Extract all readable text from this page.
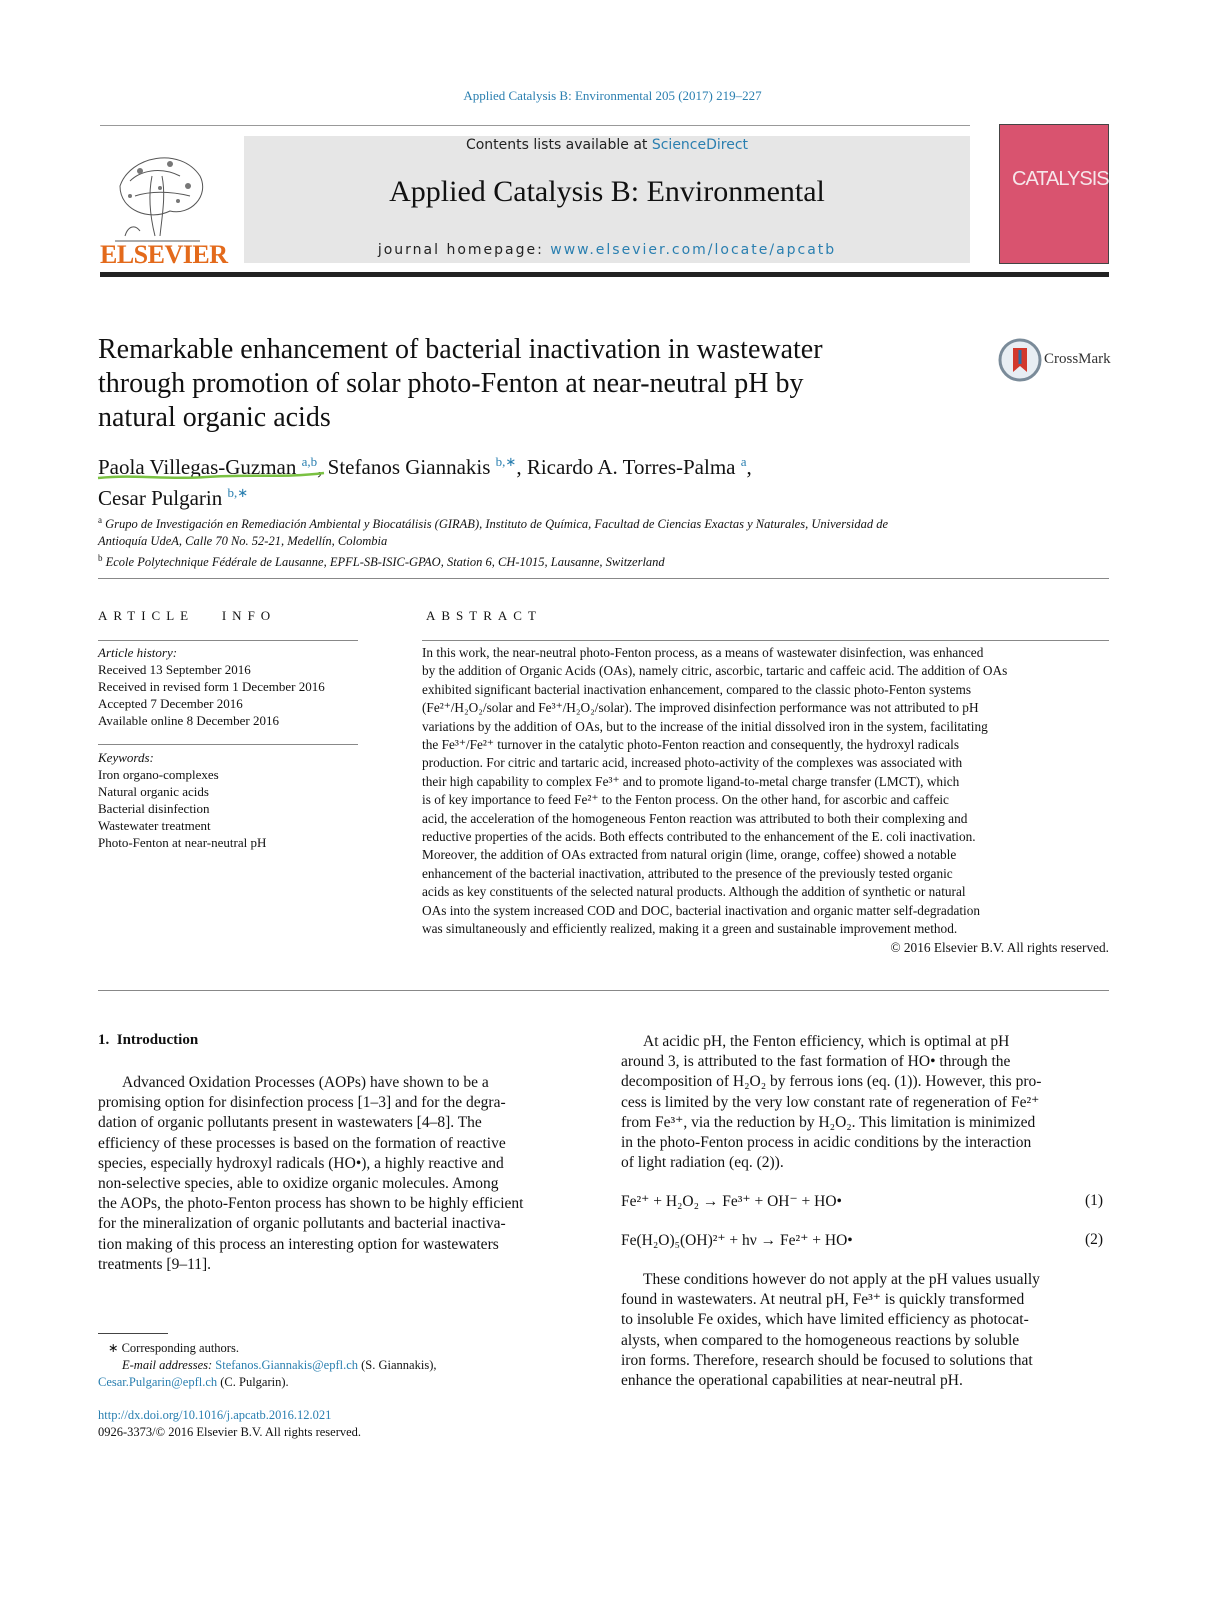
Applied Catalysis B: Environmental 205 (2017) 219–227
ELSEVIER
Contents lists available at ScienceDirect
Applied Catalysis B: Environmental
journal homepage: www.elsevier.com/locate/apcatb
CATALYSIS
Remarkable enhancement of bacterial inactivation in wastewater
through promotion of solar photo-Fenton at near-neutral pH by
natural organic acids
CrossMark
Paola Villegas-Guzman $^{a,b}$, Stefanos Giannakis $^{b,∗}$, Ricardo A. Torres-Palma $^a$,
Cesar Pulgarin $^{b,∗}$
$^a$ Grupo de Investigación en Remediación Ambiental y Biocatálisis (GIRAB), Instituto de Química, Facultad de Ciencias Exactas y Naturales, Universidad de
Antioquía UdeA, Calle 70 No. 52-21, Medellín, Colombia
$^b$ Ecole Polytechnique Fédérale de Lausanne, EPFL-SB-ISIC-GPAO, Station 6, CH-1015, Lausanne, Switzerland
ARTICLE   INFO
Article history:
Received 13 September 2016
Received in revised form 1 December 2016
Accepted 7 December 2016
Available online 8 December 2016
Keywords:
Iron organo-complexes
Natural organic acids
Bacterial disinfection
Wastewater treatment
Photo-Fenton at near-neutral pH
ABSTRACT
In this work, the near-neutral photo-Fenton process, as a means of wastewater disinfection, was enhanced
by the addition of Organic Acids (OAs), namely citric, ascorbic, tartaric and caffeic acid. The addition of OAs
exhibited significant bacterial inactivation enhancement, compared to the classic photo-Fenton systems
(Fe²⁺/H₂O₂/solar and Fe³⁺/H₂O₂/solar). The improved disinfection performance was not attributed to pH
variations by the addition of OAs, but to the increase of the initial dissolved iron in the system, facilitating
the Fe³⁺/Fe²⁺ turnover in the catalytic photo-Fenton reaction and consequently, the hydroxyl radicals
production. For citric and tartaric acid, increased photo-activity of the complexes was associated with
their high capability to complex Fe³⁺ and to promote ligand-to-metal charge transfer (LMCT), which
is of key importance to feed Fe²⁺ to the Fenton process. On the other hand, for ascorbic and caffeic
acid, the acceleration of the homogeneous Fenton reaction was attributed to both their complexing and
reductive properties of the acids. Both effects contributed to the enhancement of the E. coli inactivation.
Moreover, the addition of OAs extracted from natural origin (lime, orange, coffee) showed a notable
enhancement of the bacterial inactivation, attributed to the presence of the previously tested organic
acids as key constituents of the selected natural products. Although the addition of synthetic or natural
OAs into the system increased COD and DOC, bacterial inactivation and organic matter self-degradation
was simultaneously and efficiently realized, making it a green and sustainable improvement method.
© 2016 Elsevier B.V. All rights reserved.
1.  Introduction
Advanced Oxidation Processes (AOPs) have shown to be a
promising option for disinfection process [1–3] and for the degra-
dation of organic pollutants present in wastewaters [4–8]. The
efficiency of these processes is based on the formation of reactive
species, especially hydroxyl radicals (HO•), a highly reactive and
non-selective species, able to oxidize organic molecules. Among
the AOPs, the photo-Fenton process has shown to be highly efficient
for the mineralization of organic pollutants and bacterial inactiva-
tion making of this process an interesting option for wastewaters
treatments [9–11].
At acidic pH, the Fenton efficiency, which is optimal at pH
around 3, is attributed to the fast formation of HO• through the
decomposition of H₂O₂ by ferrous ions (eq. (1)). However, this pro-
cess is limited by the very low constant rate of regeneration of Fe²⁺
from Fe³⁺, via the reduction by H₂O₂. This limitation is minimized
in the photo-Fenton process in acidic conditions by the interaction
of light radiation (eq. (2)).
Fe²⁺ + H₂O₂ → Fe³⁺ + OH⁻ + HO•	(1)
Fe(H₂O)₅(OH)²⁺ + hν → Fe²⁺ + HO•	(2)
These conditions however do not apply at the pH values usually
found in wastewaters. At neutral pH, Fe³⁺ is quickly transformed
to insoluble Fe oxides, which have limited efficiency as photocat-
alysts, when compared to the homogeneous reactions by soluble
iron forms. Therefore, research should be focused to solutions that
enhance the operational capabilities at near-neutral pH.
∗ Corresponding authors.
E-mail addresses: Stefanos.Giannakis@epfl.ch (S. Giannakis),
Cesar.Pulgarin@epfl.ch (C. Pulgarin).
http://dx.doi.org/10.1016/j.apcatb.2016.12.021
0926-3373/© 2016 Elsevier B.V. All rights reserved.
